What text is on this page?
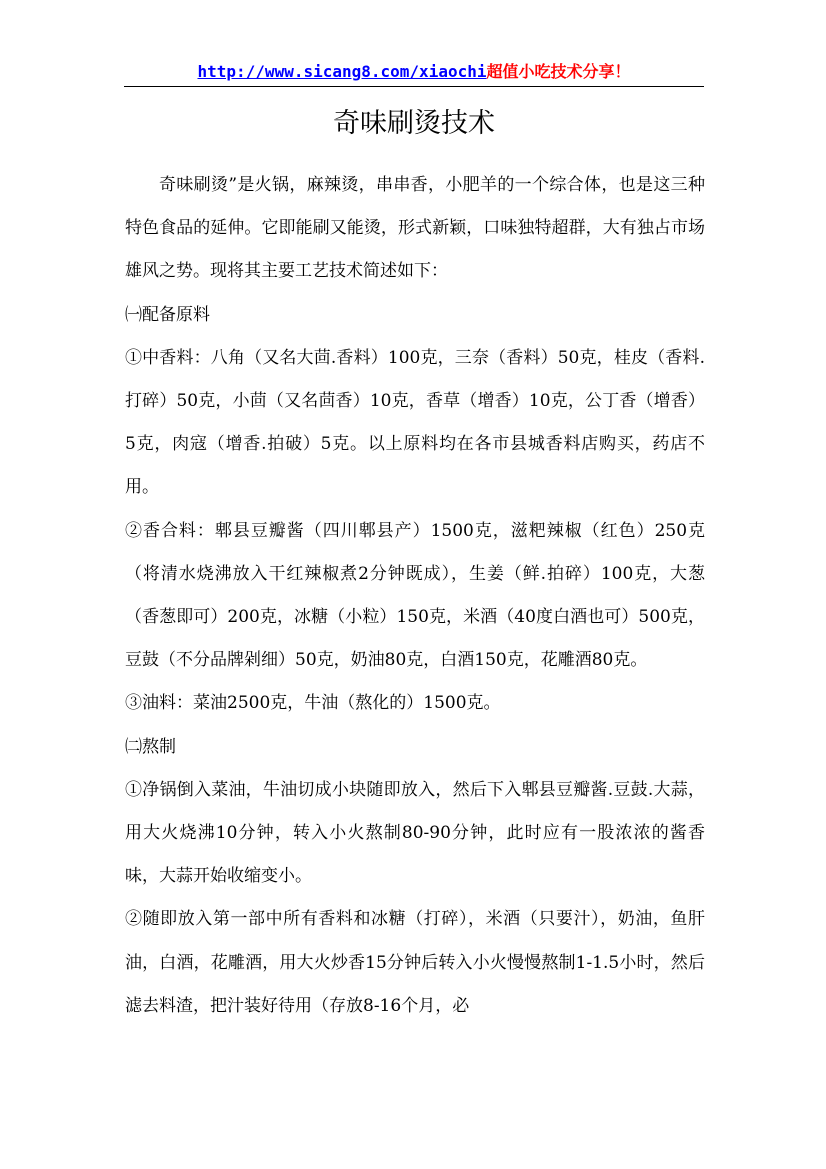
http://www.sicang8.com/xiaochi超值小吃技术分享！
奇味刷烫技术

奇味刷烫”是火锅，麻辣烫，串串香，小肥羊的一个综合体，也是这三种特色食品的延伸。它即能刷又能烫，形式新颖，口味独特超群，大有独占市场雄风之势。现将其主要工艺技术简述如下：

㈠配备原料

①中香料：八角（又名大茴.香料）100克，三奈（香料）50克，桂皮（香料.打碎）50克，小茴（又名茴香）10克，香草（增香）10克，公丁香（增香）5克，肉寇（增香.拍破）5克。以上原料均在各市县城香料店购买，药店不用。

②香合料：郫县豆瓣酱（四川郫县产）1500克，滋粑辣椒（红色）250克（将清水烧沸放入干红辣椒煮2分钟既成），生姜（鲜.拍碎）100克，大葱（香葱即可）200克，冰糖（小粒）150克，米酒（40度白酒也可）500克，豆鼓（不分品牌剁细）50克，奶油80克，白酒150克，花雕酒80克。

③油料：菜油2500克，牛油（熬化的）1500克。

㈡熬制

①净锅倒入菜油，牛油切成小块随即放入，然后下入郫县豆瓣酱.豆鼓.大蒜，用大火烧沸10分钟，转入小火熬制80-90分钟，此时应有一股浓浓的酱香味，大蒜开始收缩变小。

②随即放入第一部中所有香料和冰糖（打碎），米酒（只要汁），奶油，鱼肝油，白酒，花雕酒，用大火炒香15分钟后转入小火慢慢熬制1-1.5小时，然后滤去料渣，把汁装好待用（存放8-16个月，必
